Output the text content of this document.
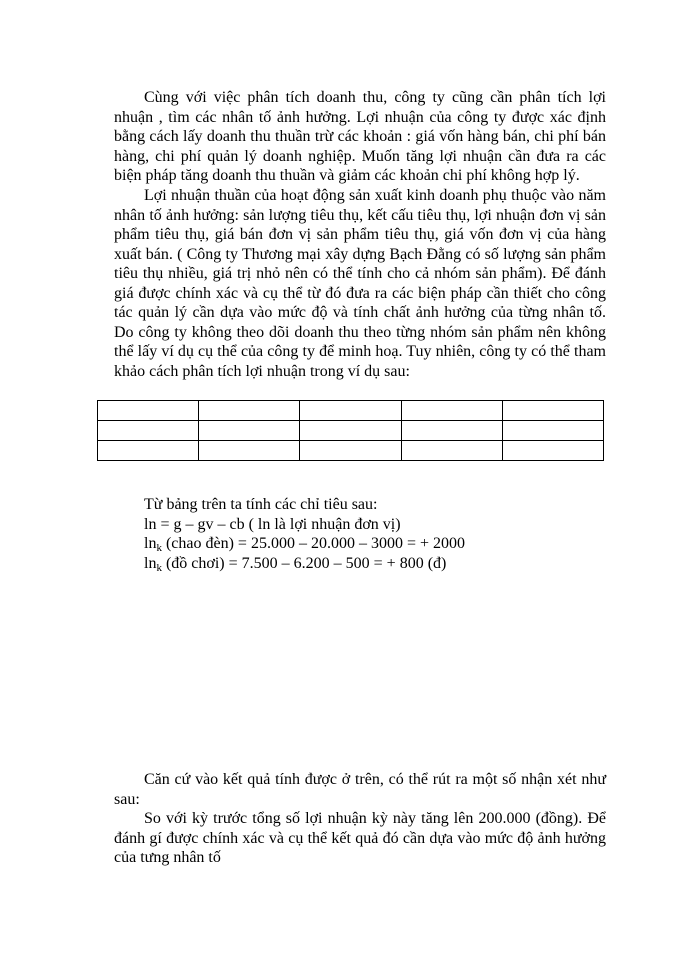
Cùng với việc phân tích doanh thu, công ty cũng cần phân tích lợi nhuận , tìm các nhân tố ảnh hưởng. Lợi nhuận của công ty được xác định bằng cách lấy doanh thu thuần trừ các khoản : giá vốn hàng bán, chi phí bán hàng, chi phí quản lý doanh nghiệp. Muốn tăng lợi nhuận cần đưa ra các biện pháp tăng doanh thu thuần và giảm các khoản chi phí không hợp lý.

Lợi nhuận thuần của hoạt động sản xuất kinh doanh phụ thuộc vào năm nhân tố ảnh hưởng: sản lượng tiêu thụ, kết cấu tiêu thụ, lợi nhuận đơn vị sản phẩm tiêu thụ, giá bán đơn vị sản phẩm tiêu thụ, giá vốn đơn vị của hàng xuất bán. ( Công ty Thương mại xây dựng Bạch Đằng có số lượng sản phẩm tiêu thụ nhiều, giá trị nhỏ nên có thể tính cho cả nhóm sản phẩm). Để đánh giá được chính xác và cụ thể từ đó đưa ra các biện pháp cần thiết cho công tác quản lý cần dựa vào mức độ và tính chất ảnh hưởng của từng nhân tố. Do công ty không theo dõi doanh thu theo từng nhóm sản phẩm nên không thể lấy ví dụ cụ thể của công ty để minh hoạ. Tuy nhiên, công ty có thể tham khảo cách phân tích lợi nhuận trong ví dụ sau:

Từ bảng trên ta tính các chỉ tiêu sau:

ln = g – gv – cb ( ln là lợi nhuận đơn vị)

$\ln_k$ (chao đèn) = 25.000 – 20.000 – 3000 = + 2000

$\ln_k$ (đồ chơi) = 7.500 – 6.200 – 500 = + 800 (đ)

Căn cứ vào kết quả tính được ở trên, có thể rút ra một số nhận xét như sau:

So với kỳ trước tổng số lợi nhuận kỳ này tăng lên 200.000 (đồng). Để đánh gí được chính xác và cụ thể kết quả đó cần dựa vào mức độ ảnh hưởng của tưng nhân tố
